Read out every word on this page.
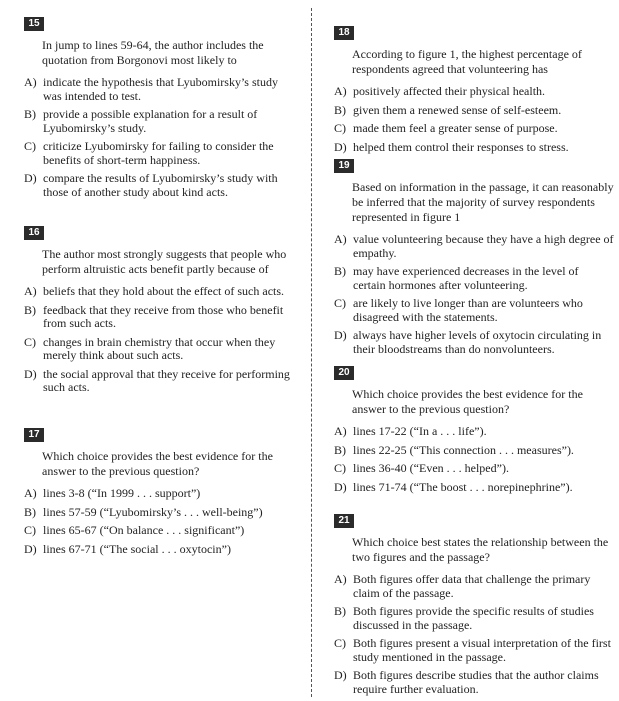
15
In jump to lines 59-64, the author includes the quotation from Borgonovi most likely to
A) indicate the hypothesis that Lyubomirsky’s study was intended to test.
B) provide a possible explanation for a result of Lyubomirsky’s study.
C) criticize Lyubomirsky for failing to consider the benefits of short-term happiness.
D) compare the results of Lyubomirsky’s study with those of another study about kind acts.
16
The author most strongly suggests that people who perform altruistic acts benefit partly because of
A) beliefs that they hold about the effect of such acts.
B) feedback that they receive from those who benefit from such acts.
C) changes in brain chemistry that occur when they merely think about such acts.
D) the social approval that they receive for performing such acts.
17
Which choice provides the best evidence for the answer to the previous question?
A) lines 3-8 (“In 1999 . . . support”)
B) lines 57-59 (“Lyubomirsky’s . . . well-being”)
C) lines 65-67 (“On balance . . . significant”)
D) lines 67-71 (“The social . . . oxytocin”)
18
According to figure 1, the highest percentage of respondents agreed that volunteering has
A) positively affected their physical health.
B) given them a renewed sense of self-esteem.
C) made them feel a greater sense of purpose.
D) helped them control their responses to stress.
19
Based on information in the passage, it can reasonably be inferred that the majority of survey respondents represented in figure 1
A) value volunteering because they have a high degree of empathy.
B) may have experienced decreases in the level of certain hormones after volunteering.
C) are likely to live longer than are volunteers who disagreed with the statements.
D) always have higher levels of oxytocin circulating in their bloodstreams than do nonvolunteers.
20
Which choice provides the best evidence for the answer to the previous question?
A) lines 17-22 (“In a . . . life”).
B) lines 22-25 (“This connection . . . measures”).
C) lines 36-40 (“Even . . . helped”).
D) lines 71-74 (“The boost . . . norepinephrine”).
21
Which choice best states the relationship between the two figures and the passage?
A) Both figures offer data that challenge the primary claim of the passage.
B) Both figures provide the specific results of studies discussed in the passage.
C) Both figures present a visual interpretation of the first study mentioned in the passage.
D) Both figures describe studies that the author claims require further evaluation.
